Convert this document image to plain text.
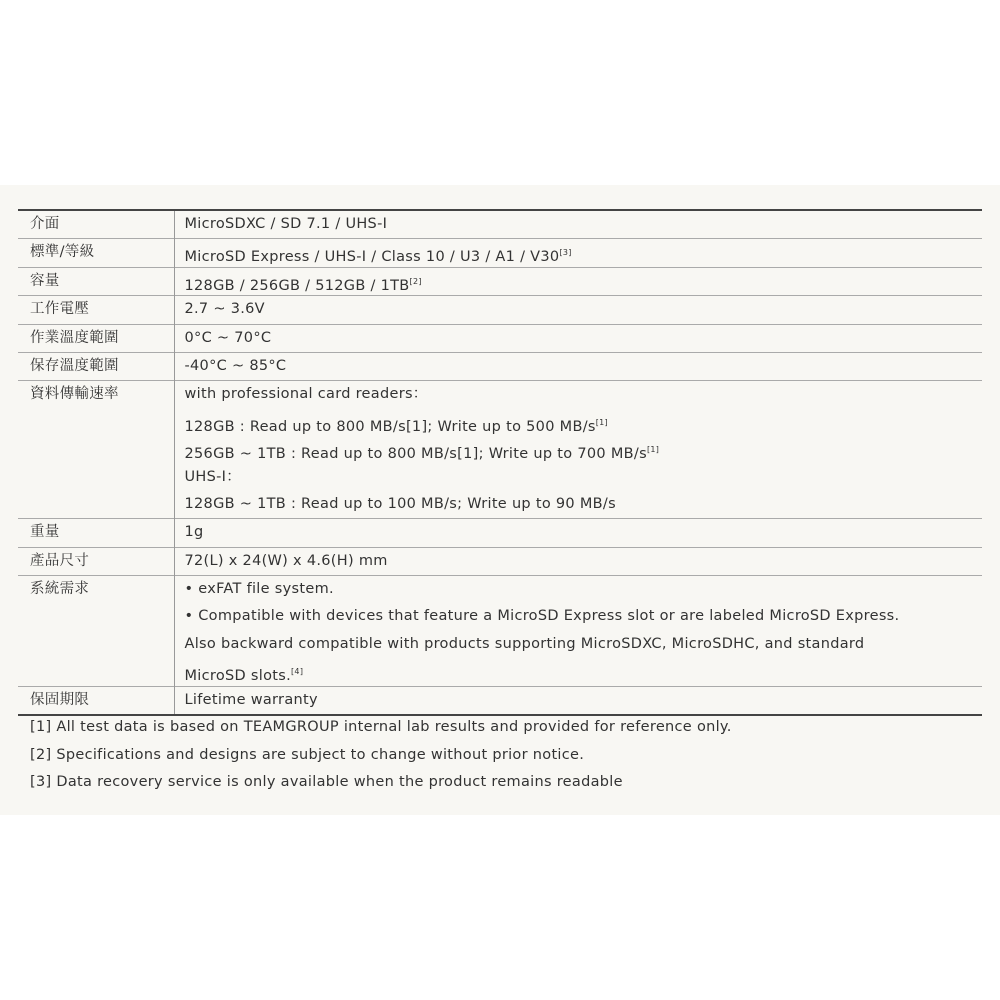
介面	MicroSDXC / SD 7.1 / UHS-I

標準/等級	MicroSD Express / UHS-I / Class 10 / U3 / A1 / V30[3]

容量	128GB / 256GB / 512GB / 1TB[2]

工作電壓	2.7 ~ 3.6V

作業溫度範圍	0°C ~ 70°C

保存溫度範圍	-40°C ~ 85°C

資料傳輸速率	with professional card readers：
128GB : Read up to 800 MB/s[1]; Write up to 500 MB/s[1]
256GB ~ 1TB : Read up to 800 MB/s[1]; Write up to 700 MB/s[1]
UHS-I：
128GB ~ 1TB : Read up to 100 MB/s; Write up to 90 MB/s

重量	1g

產品尺寸	72(L) x 24(W) x 4.6(H) mm

系統需求	• exFAT file system.
• Compatible with devices that feature a MicroSD Express slot or are labeled MicroSD Express.
Also backward compatible with products supporting MicroSDXC, MicroSDHC, and standard
MicroSD slots.[4]

保固期限	Lifetime warranty
[1] All test data is based on TEAMGROUP internal lab results and provided for reference only.
[2] Specifications and designs are subject to change without prior notice.
[3] Data recovery service is only available when the product remains readable
